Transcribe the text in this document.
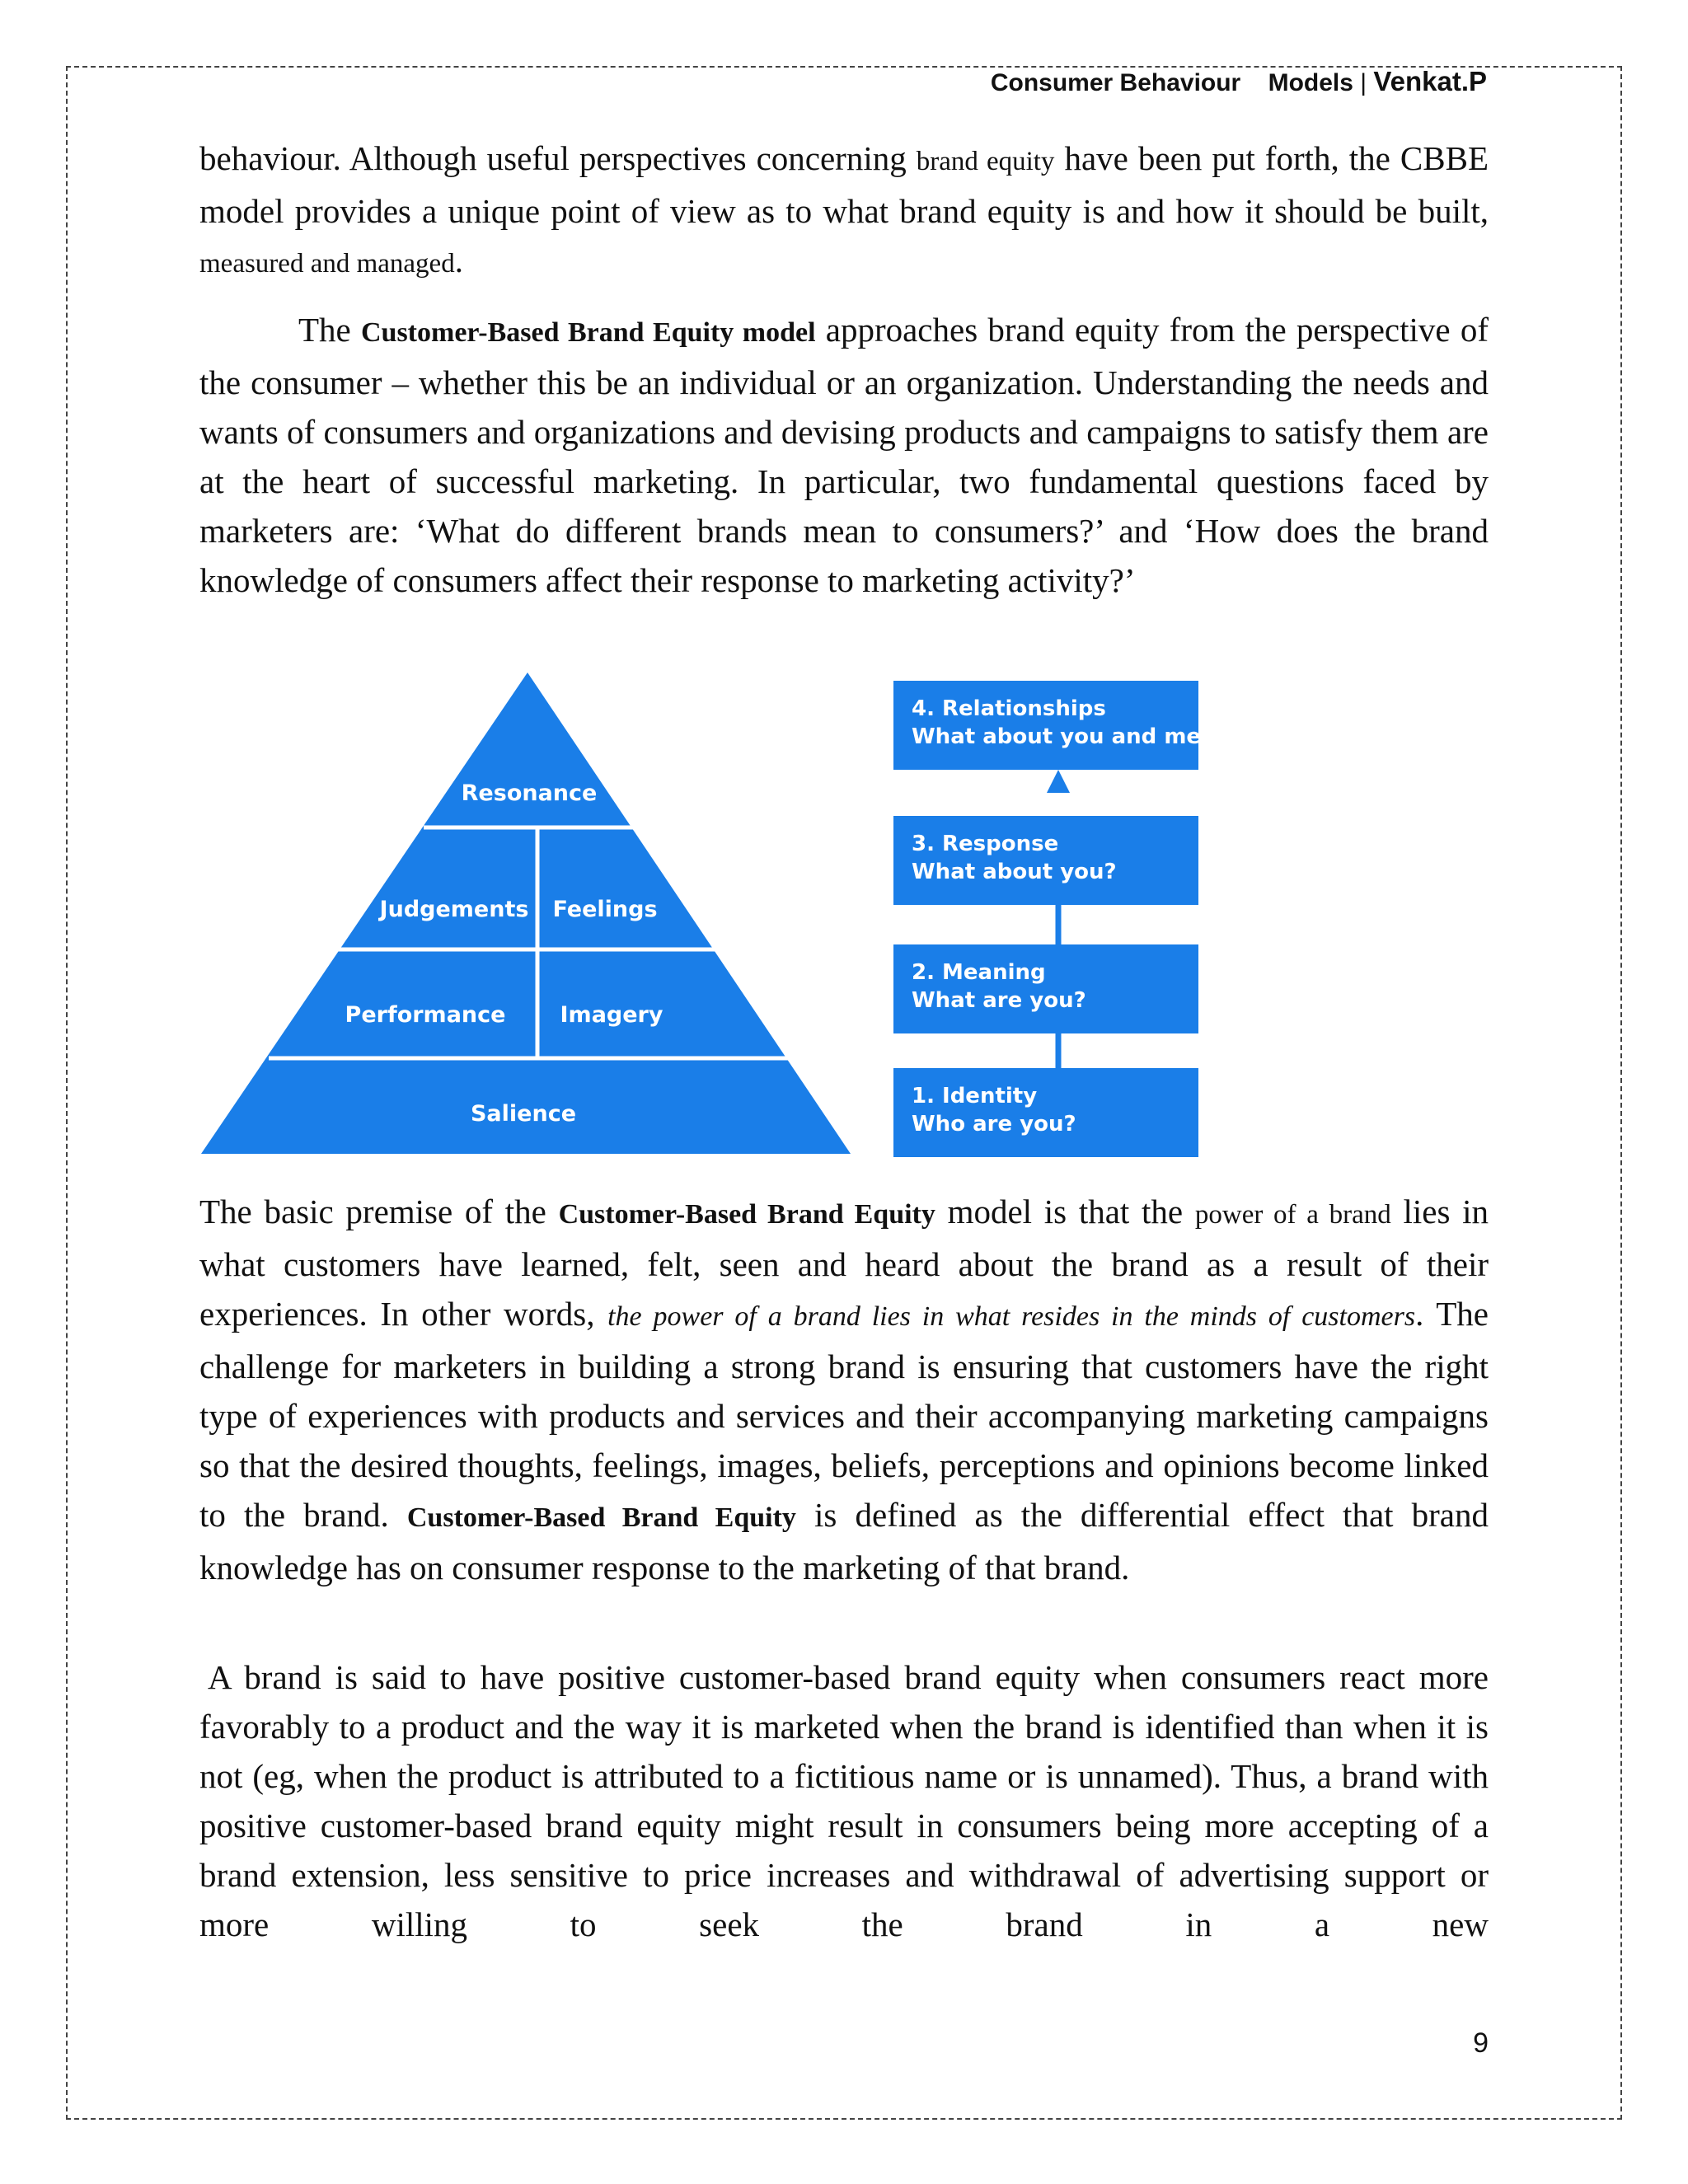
Consumer Behaviour Models | Venkat.P

behaviour. Although useful perspectives concerning brand equity have been put forth, the CBBE model provides a unique point of view as to what brand equity is and how it should be built, measured and managed.

The Customer-Based Brand Equity model approaches brand equity from the perspective of the consumer – whether this be an individual or an organization. Understanding the needs and wants of consumers and organizations and devising products and campaigns to satisfy them are at the heart of successful marketing. In particular, two fundamental questions faced by marketers are: ‘What do different brands mean to consumers?’ and ‘How does the brand knowledge of consumers affect their response to marketing activity?’

Resonance
Judgements Feelings
Performance Imagery
Salience
4. Relationships
What about you and me?
3. Response
What about you?
2. Meaning
What are you?
1. Identity
Who are you?

The basic premise of the Customer-Based Brand Equity model is that the power of a brand lies in what customers have learned, felt, seen and heard about the brand as a result of their experiences. In other words, the power of a brand lies in what resides in the minds of customers. The challenge for marketers in building a strong brand is ensuring that customers have the right type of experiences with products and services and their accompanying marketing campaigns so that the desired thoughts, feelings, images, beliefs, perceptions and opinions become linked to the brand. Customer-Based Brand Equity is defined as the differential effect that brand knowledge has on consumer response to the marketing of that brand.

A brand is said to have positive customer-based brand equity when consumers react more favorably to a product and the way it is marketed when the brand is identified than when it is not (eg, when the product is attributed to a fictitious name or is unnamed). Thus, a brand with positive customer-based brand equity might result in consumers being more accepting of a brand extension, less sensitive to price increases and withdrawal of advertising support or more willing to seek the brand in a new

9
